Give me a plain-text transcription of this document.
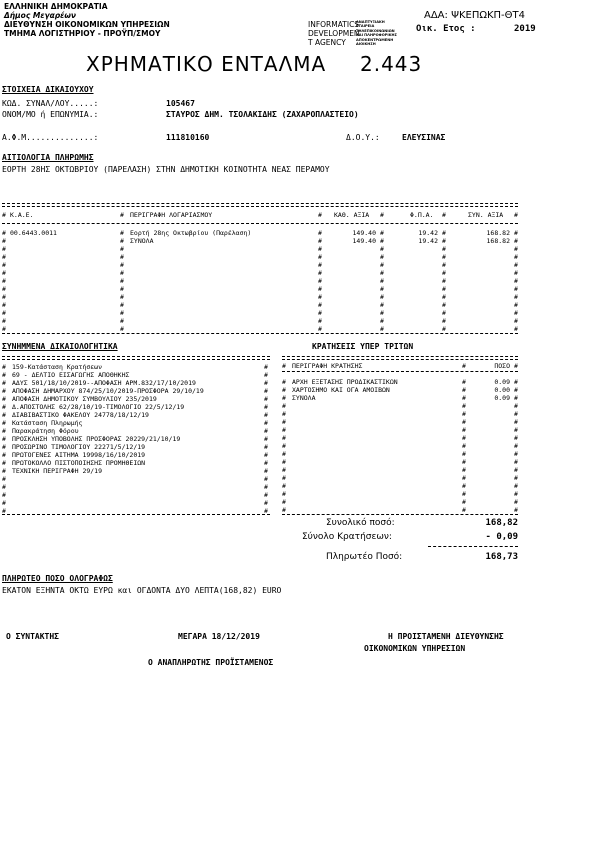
ΕΛΛΗΝΙΚΗ ΔΗΜΟΚΡΑΤΙΑ
Δήμος Μεγαρέων
ΔΙΕΥΘΥΝΣΗ ΟΙΚΟΝΟΜΙΚΩΝ ΥΠΗΡΕΣΙΩΝ
ΤΜΗΜΑ ΛΟΓΙΣΤΗΡΙΟΥ - ΠΡΟΫΠ/ΣΜΟΥ
INFORMATICS
DEVELOPMEN
T AGENCY
ΑΝΑΠΤΥΞΙΑΚΗ
ΕΤΑΙΡΕΙΑ
ΤΗΛΕΠΙΚΟΙΝΩΝΙΩΝ
ΚΑΙ ΠΛΗΡΟΦΟΡΙΚΗΣ
ΑΠΟΚΕΝΤΡΩΜΕΝΗ
ΔΙΟΙΚΗΣΗ
ΑΔΑ: ΨΚΕΠΩΚΠ-ΘΤ4
Οικ. Ετος :	2019
ΧΡΗΜΑΤΙΚΟ ΕΝΤΑΛΜΑ 2.443
ΣΤΟΙΧΕΙΑ ΔΙΚΑΙΟΥΧΟΥ
ΚΩΔ. ΣΥΝΑΛ/ΛΟΥ.....:	105467
ΟΝΟΜ/ΜΟ ή ΕΠΩΝΥΜΙΑ.:	ΣΤΑΥΡΟΣ ΔΗΜ. ΤΣΟΛΑΚΙΔΗΣ (ΖΑΧΑΡΟΠΛΑΣΤΕΙΟ)
Α.Φ.Μ..............:	111810160	Δ.Ο.Υ.:	ΕΛΕΥΣΙΝΑΣ
ΑΙΤΙΟΛΟΓΙΑ ΠΛΗΡΩΜΗΣ
ΕΟΡΤΗ 28ΗΣ ΟΚΤΩΒΡΙΟΥ (ΠΑΡΕΛΑΣΗ) ΣΤΗΝ ΔΗΜΟΤΙΚΗ ΚΟΙΝΟΤΗΤΑ ΝΕΑΣ ΠΕΡΑΜΟΥ
# Κ.Α.Ε.	# ΠΕΡΙΓΡΑΦΗ ΛΟΓΑΡΙΑΣΜΟΥ	# ΚΑΘ. ΑΞΙΑ #	Φ.Π.Α. #	ΣΥΝ. ΑΞΙΑ #
# 00.6443.0011	# Εορτή 28ης Οκτωβρίου (Παρέλαση)	#	149.40 #	19.42 #	168.82 #
#	# ΣΥΝΟΛΑ	#	149.40 #	19.42 #	168.82 #
#	#	#	#	#	#
#	#	#	#	#	#
#	#	#	#	#	#
#	#	#	#	#	#
#	#	#	#	#	#
#	#	#	#	#	#
#	#	#	#	#	#
#	#	#	#	#	#
#	#	#	#	#	#
#	#	#	#	#	#
#	#	#	#	#	#
ΣΥΝΗΜΜΕΝΑ ΔΙΚΑΙΟΛΟΓΗΤΙΚΑ
#	#
159-Κατάσταση Κρατήσεων
#	#
69 - ΔΕΛΤΙΟ ΕΙΣΑΓΩΓΗΣ ΑΠΟΘΗΚΗΣ
#	#
ΑΔΥΣ 501/18/10/2019--ΑΠΟΦΑΣΗ ΑΡΜ.832/17/10/2019
#	#
ΑΠΟΦΑΣΗ ΔΗΜΑΡΧΟΥ 874/25/10/2019-ΠΡΟΣΦΟΡΑ 29/10/19
#	#
ΑΠΟΦΑΣΗ ΔΗΜΟΤΙΚΟΥ ΣΥΜΒΟΥΛΙΟΥ 235/2019
#	#
Δ.ΑΠΟΣΤΟΛΗΣ 62/28/10/19-ΤΙΜΟΛΟΓΙΟ 22/5/12/19
#	#
ΔΙΑΒΙΒΑΣΤΙΚΟ ΦΑΚΕΛΟΥ 24778/18/12/19
#	#
Κατάσταση Πληρωμής
#	#
Παρακράτηση Φόρου
#	#
ΠΡΟΣΚΛΗΣΗ ΥΠΟΒΟΛΗΣ ΠΡΟΣΦΟΡΑΣ 20229/21/10/19
#	#
ΠΡΟΣΩΡΙΝΟ ΤΙΜΟΛΟΓΙΟΥ 22271/5/12/19
#	#
ΠΡΩΤΟΓΕΝΕΣ ΑΙΤΗΜΑ 19998/16/10/2019
#	#
ΠΡΩΤΟΚΟΛΛΟ ΠΙΣΤΟΠΟΙΗΣΗΣ ΠΡΟΜΗΘΕΙΩΝ
#	#
ΤΕΧΝΙΚΗ ΠΕΡΙΓΡΑΦΗ 29/19
#	#
#	#
#	#
#	#
#	#
ΚΡΑΤΗΣΕΙΣ ΥΠΕΡ ΤΡΙΤΩΝ
# ΠΕΡΙΓΡΑΦΗ ΚΡΑΤΗΣΗΣ	#	ΠΟΣΟ #
#	#	#
ΑΡΧΗ ΕΞΕΤΑΣΗΣ ΠΡΟΔΙΚΑΣΤΙΚΩΝ	0.09
#	#	#
ΧΑΡΤΟΣΗΜΟ ΚΑΙ ΟΓΑ ΑΜΟΙΒΩΝ	0.00
#	#	#
ΣΥΝΟΛΑ	0.09
#	#	#
#	#	#
#	#	#
#	#	#
#	#	#
#	#	#
#	#	#
#	#	#
#	#	#
#	#	#
#	#	#
#	#	#
#	#	#
#	#	#
Συνολικό ποσό:	168,82
Σύνολο Κρατήσεων:	- 0,09
Πληρωτέο Ποσό:	168,73
ΠΛΗΡΩΤΕΟ ΠΟΣΟ ΟΛΟΓΡΑΦΩΣ
ΕΚΑΤΟΝ ΕΞΗΝΤΑ ΟΚΤΩ ΕΥΡΩ και ΟΓΔΟΝΤΑ ΔΥΟ ΛΕΠΤΑ(168,82) EURO
Ο ΣΥΝΤΑΚΤΗΣ	ΜΕΓΑΡΑ 18/12/2019	Η ΠΡΟΙΣΤΑΜΕΝΗ ΔΙΕΥΘΥΝΣΗΣ
ΟΙΚΟΝΟΜΙΚΩΝ ΥΠΗΡΕΣΙΩΝ
Ο ΑΝΑΠΛΗΡΩΤΗΣ ΠΡΟΪΣΤΑΜΕΝΟΣ
